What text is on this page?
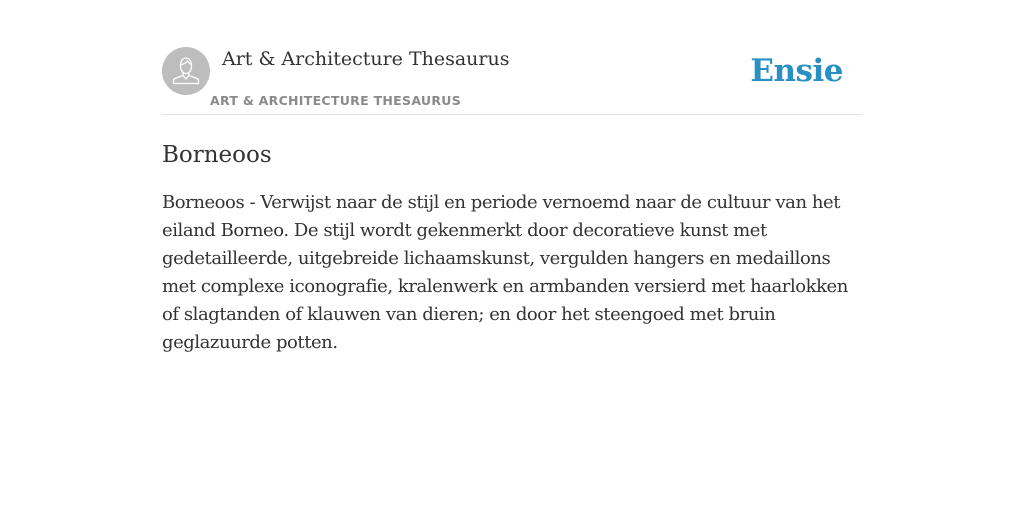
Art & Architecture Thesaurus
ART & ARCHITECTURE THESAURUS
Ensie
Borneoos

Borneoos - Verwijst naar de stijl en periode vernoemd naar de cultuur van het eiland Borneo. De stijl wordt gekenmerkt door decoratieve kunst met gedetailleerde, uitgebreide lichaamskunst, vergulden hangers en medaillons met complexe iconografie, kralenwerk en armbanden versierd met haarlokken of slagtanden of klauwen van dieren; en door het steengoed met bruin geglazuurde potten.
